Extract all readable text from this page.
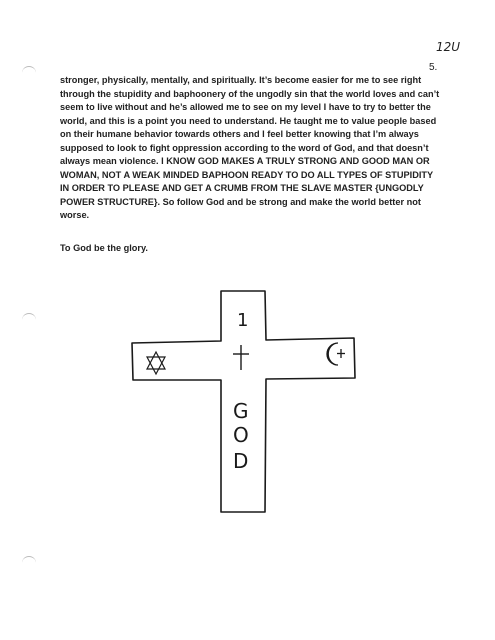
12U
5.
stronger, physically, mentally, and spiritually. It’s become easier for me to see right through the stupidity and baphoonery of the ungodly sin that the world loves and can’t seem to live without and he’s allowed me to see on my level I have to try to better the world, and this is a point you need to understand. He taught me to value people based on their humane behavior towards others and I feel better knowing that I’m always supposed to look to fight oppression according to the word of God, and that doesn’t always mean violence. I KNOW GOD MAKES A TRULY STRONG AND GOOD MAN OR WOMAN, NOT A WEAK MINDED BAPHOON READY TO DO ALL TYPES OF STUPIDITY IN ORDER TO PLEASE AND GET A CRUMB FROM THE SLAVE MASTER {UNGODLY POWER STRUCTURE}. So follow God and be strong and make the world better not worse.
To God be the glory.
1
G
O
D
